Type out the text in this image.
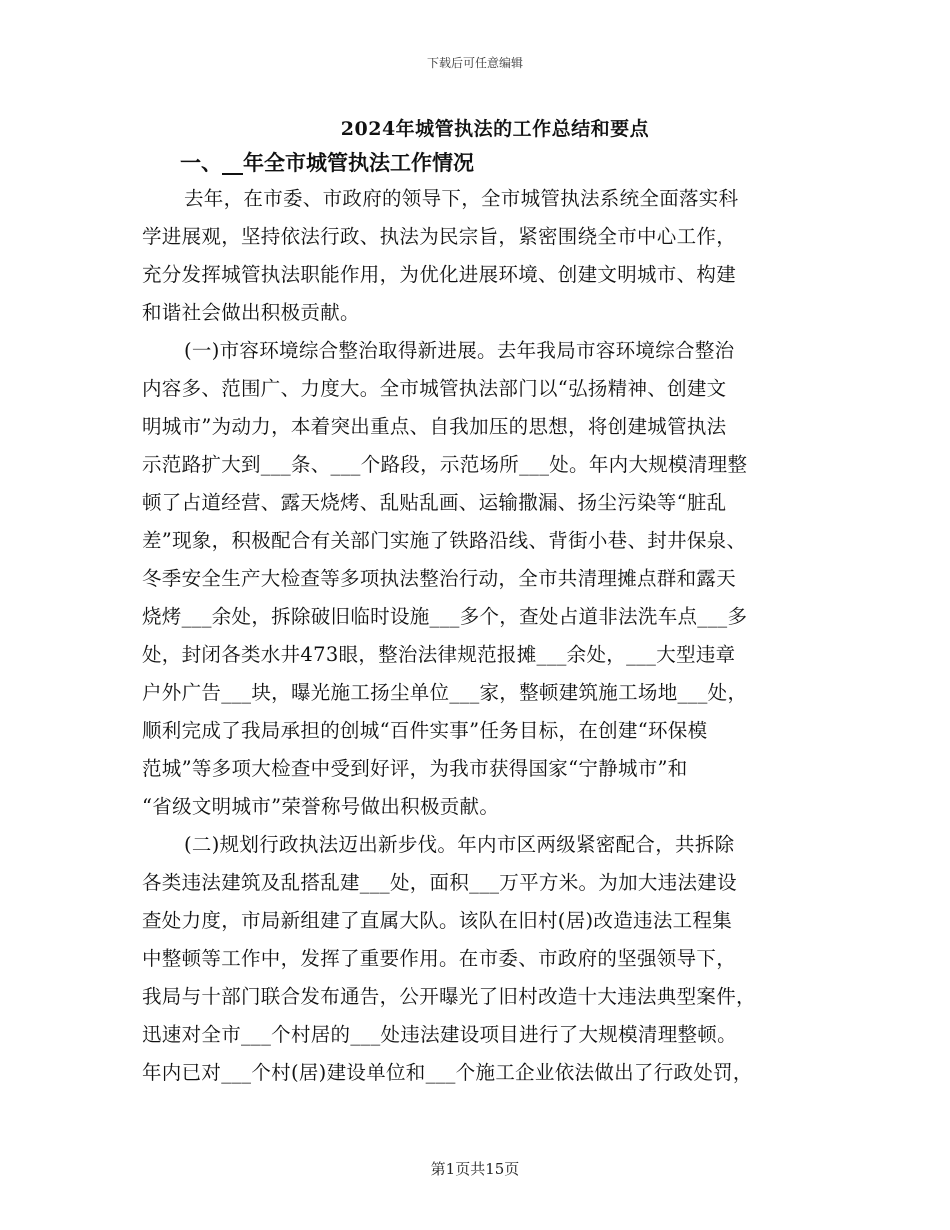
下载后可任意编辑
2024年城管执法的工作总结和要点
一、__年全市城管执法工作情况
去年，在市委、市政府的领导下，全市城管执法系统全面落实科
学进展观，坚持依法行政、执法为民宗旨，紧密围绕全市中心工作，
充分发挥城管执法职能作用，为优化进展环境、创建文明城市、构建
和谐社会做出积极贡献。
(一)市容环境综合整治取得新进展。去年我局市容环境综合整治
内容多、范围广、力度大。全市城管执法部门以“弘扬精神、创建文
明城市”为动力，本着突出重点、自我加压的思想，将创建城管执法
示范路扩大到___条、___个路段，示范场所___处。年内大规模清理整
顿了占道经营、露天烧烤、乱贴乱画、运输撒漏、扬尘污染等“脏乱
差”现象，积极配合有关部门实施了铁路沿线、背街小巷、封井保泉、
冬季安全生产大检查等多项执法整治行动，全市共清理摊点群和露天
烧烤___余处，拆除破旧临时设施___多个，查处占道非法洗车点___多
处，封闭各类水井473眼，整治法律规范报摊___余处，___大型违章
户外广告___块，曝光施工扬尘单位___家，整顿建筑施工场地___处，
顺利完成了我局承担的创城“百件实事”任务目标，在创建“环保模
范城”等多项大检查中受到好评，为我市获得国家“宁静城市”和
“省级文明城市”荣誉称号做出积极贡献。
(二)规划行政执法迈出新步伐。年内市区两级紧密配合，共拆除
各类违法建筑及乱搭乱建___处，面积___万平方米。为加大违法建设
查处力度，市局新组建了直属大队。该队在旧村(居)改造违法工程集
中整顿等工作中，发挥了重要作用。在市委、市政府的坚强领导下，
我局与十部门联合发布通告，公开曝光了旧村改造十大违法典型案件，
迅速对全市___个村居的___处违法建设项目进行了大规模清理整顿。
年内已对___个村(居)建设单位和___个施工企业依法做出了行政处罚，
第1页共15页
